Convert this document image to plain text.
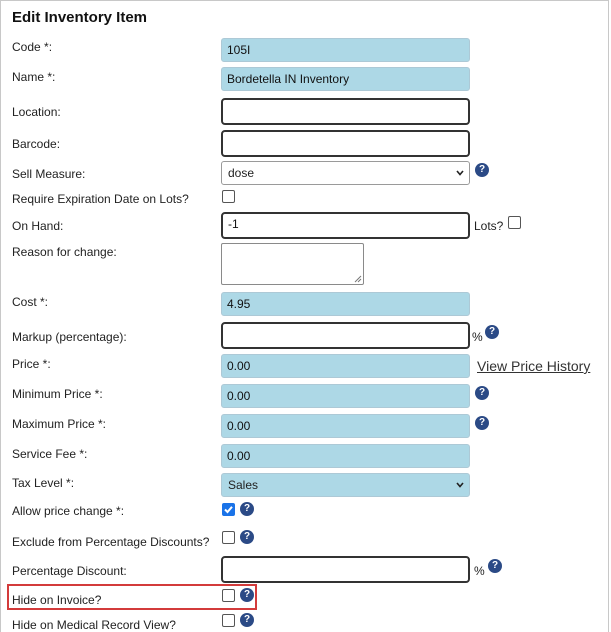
Edit Inventory Item
Code *:	105I
Name *:	Bordetella IN Inventory
Location:
Barcode:
Sell Measure:	dose	?
Require Expiration Date on Lots?
On Hand:	-1	Lots?
Reason for change:
Cost *:	4.95
Markup (percentage):	% ?
Price *:	0.00	View Price History
Minimum Price *:	0.00	?
Maximum Price *:	0.00	?
Service Fee *:	0.00
Tax Level *:	Sales
Allow price change *:	?
Exclude from Percentage Discounts?	?
Percentage Discount:	% ?
Hide on Invoice?	?
Hide on Medical Record View?	?
